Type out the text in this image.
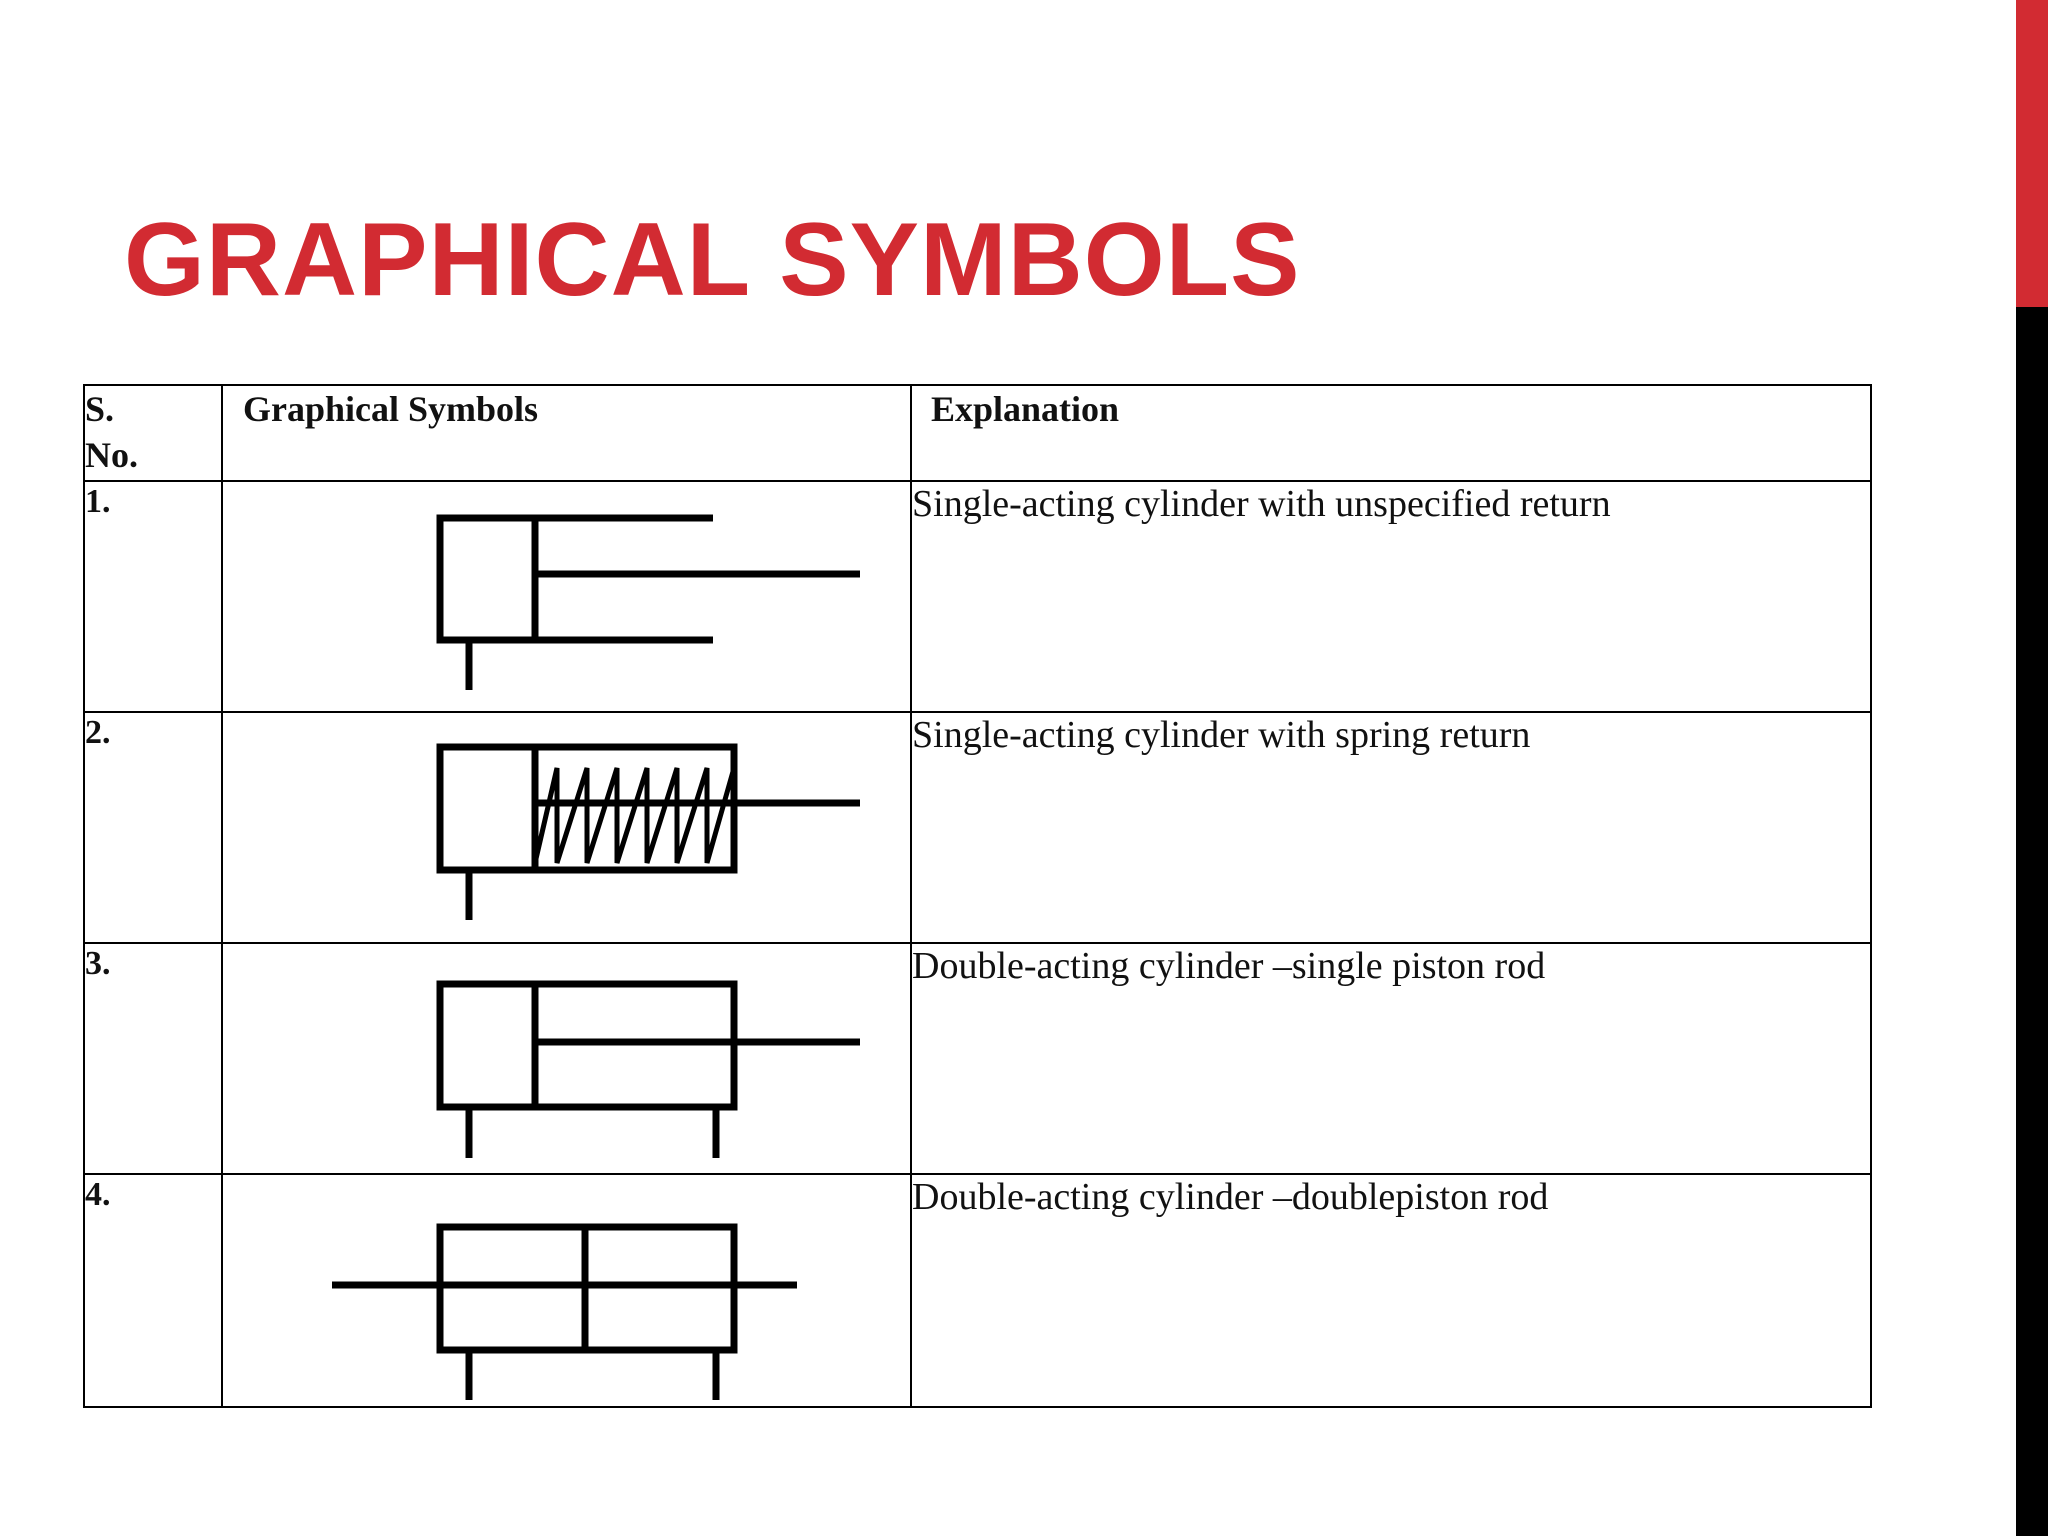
GRAPHICAL SYMBOLS
S.
No.	Graphical Symbols	Explanation
1.		Single-acting cylinder with unspecified return
2.		Single-acting cylinder with spring return
3.		Double-acting cylinder –single piston rod
4.		Double-acting cylinder –doublepiston rod
